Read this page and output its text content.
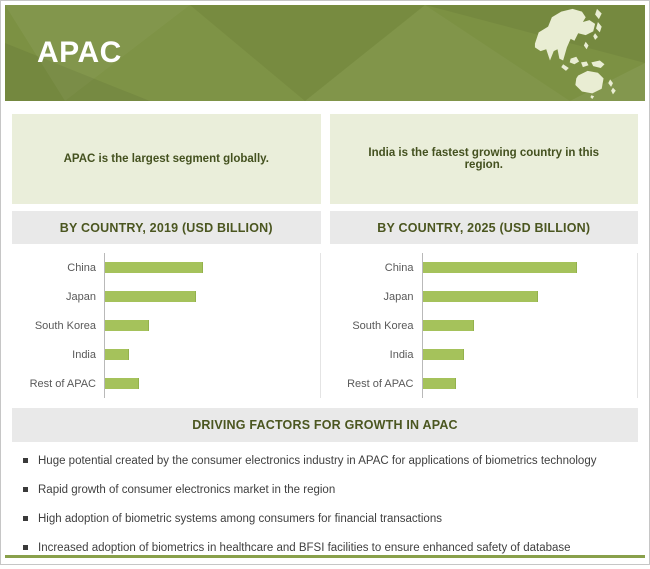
APAC
APAC is the largest segment globally.	India is the fastest growing country in this region.
BY COUNTRY, 2019 (USD BILLION)	BY COUNTRY, 2025 (USD BILLION)
China
Japan
South Korea
India
Rest of APAC
China
Japan
South Korea
India
Rest of APAC
DRIVING FACTORS FOR GROWTH IN APAC
Huge potential created by the consumer electronics industry in APAC for applications of biometrics technology
Rapid growth of consumer electronics market in the region
High adoption of biometric systems among consumers for financial transactions
Increased adoption of biometrics in healthcare and BFSI facilities to ensure enhanced safety of database
